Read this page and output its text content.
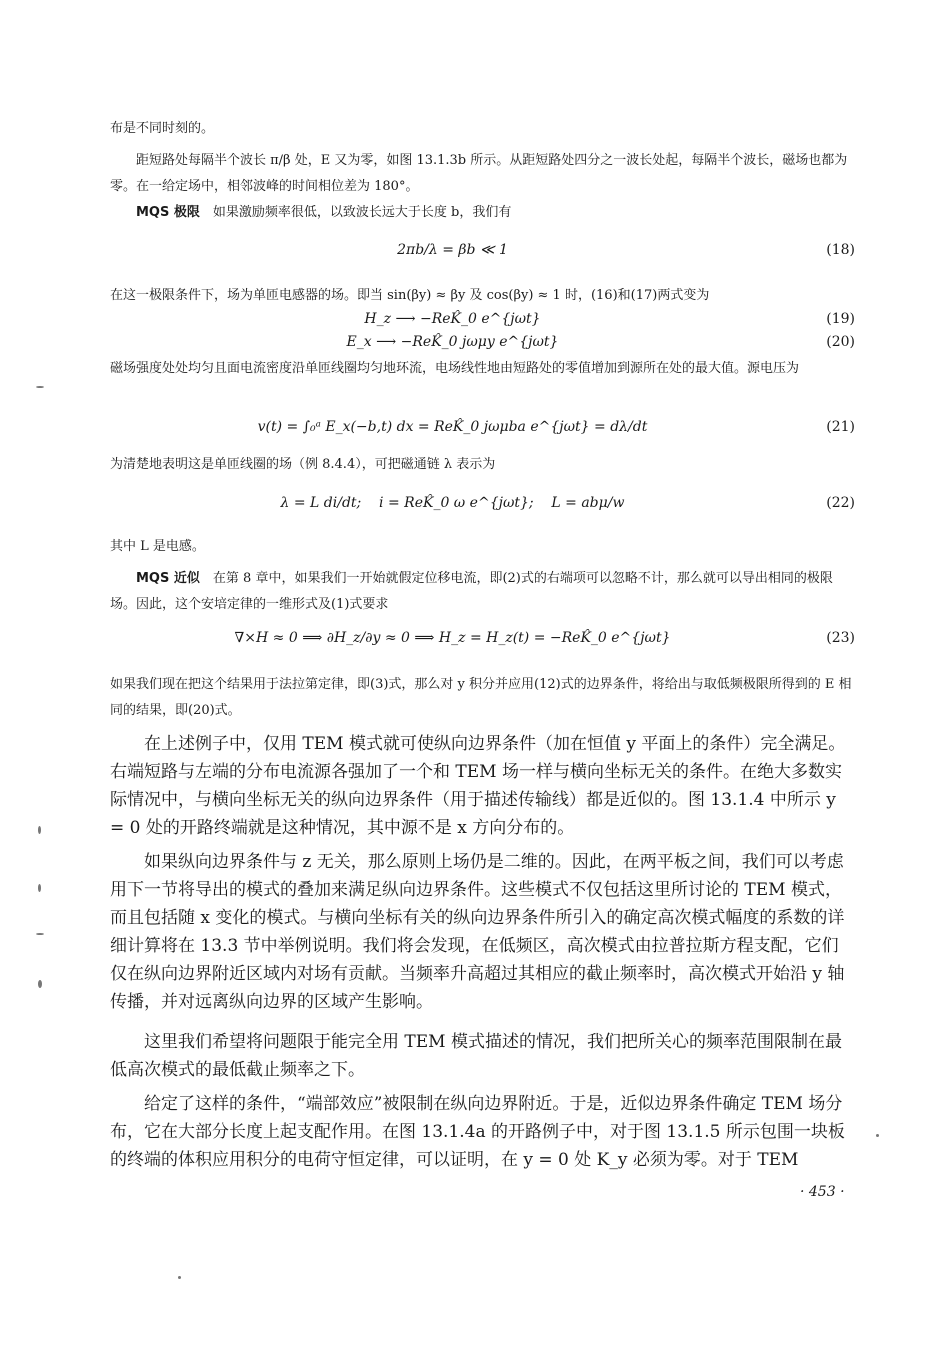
布是不同时刻的。

距短路处每隔半个波长 π/β 处，E 又为零，如图 13.1.3b 所示。从距短路处四分之一波长处起，每隔半个波长，磁场也都为零。在一给定场中，相邻波峰的时间相位差为 180°。

MQS 极限　 如果激励频率很低，以致波长远大于长度 b，我们有

2πb/λ = βb ≪ 1	(18)

在这一极限条件下，场为单匝电感器的场。即当 sin(βy) ≈ βy 及 cos(βy) ≈ 1 时，(16)和(17)两式变为

H_z ⟶ −ReK̂_0 e^{jωt}	(19)
E_x ⟶ −ReK̂_0 jωμy e^{jωt}	(20)

磁场强度处处均匀且面电流密度沿单匝线圈均匀地环流，电场线性地由短路处的零值增加到源所在处的最大值。源电压为

v(t) = ∫₀ᵃ E_x(−b,t) dx = ReK̂_0 jωμba e^{jωt} = dλ/dt	(21)

为清楚地表明这是单匝线圈的场（例 8.4.4），可把磁通链 λ 表示为

λ = L di/dt;    i = ReK̂_0 ω e^{jωt};    L = abμ/w	(22)

其中 L 是电感。

MQS 近似　 在第 8 章中，如果我们一开始就假定位移电流，即(2)式的右端项可以忽略不计，那么就可以导出相同的极限场。因此，这个安培定律的一维形式及(1)式要求

∇×H ≈ 0 ⟹ ∂H_z/∂y ≈ 0 ⟹ H_z = H_z(t) = −ReK̂_0 e^{jωt}	(23)

如果我们现在把这个结果用于法拉第定律，即(3)式，那么对 y 积分并应用(12)式的边界条件，将给出与取低频极限所得到的 E 相同的结果，即(20)式。

在上述例子中，仅用 TEM 模式就可使纵向边界条件（加在恒值 y 平面上的条件）完全满足。右端短路与左端的分布电流源各强加了一个和 TEM 场一样与横向坐标无关的条件。在绝大多数实际情况中，与横向坐标无关的纵向边界条件（用于描述传输线）都是近似的。图 13.1.4 中所示 y = 0 处的开路终端就是这种情况，其中源不是 x 方向分布的。

如果纵向边界条件与 z 无关，那么原则上场仍是二维的。因此，在两平板之间，我们可以考虑用下一节将导出的模式的叠加来满足纵向边界条件。这些模式不仅包括这里所讨论的 TEM 模式，而且包括随 x 变化的模式。与横向坐标有关的纵向边界条件所引入的确定高次模式幅度的系数的详细计算将在 13.3 节中举例说明。我们将会发现，在低频区，高次模式由拉普拉斯方程支配，它们仅在纵向边界附近区域内对场有贡献。当频率升高超过其相应的截止频率时，高次模式开始沿 y 轴传播，并对远离纵向边界的区域产生影响。

这里我们希望将问题限于能完全用 TEM 模式描述的情况，我们把所关心的频率范围限制在最低高次模式的最低截止频率之下。

给定了这样的条件，“端部效应”被限制在纵向边界附近。于是，近似边界条件确定 TEM 场分布，它在大部分长度上起支配作用。在图 13.1.4a 的开路例子中，对于图 13.1.5 所示包围一块板的终端的体积应用积分的电荷守恒定律，可以证明，在 y = 0 处 K_y 必须为零。对于 TEM

· 453 ·
